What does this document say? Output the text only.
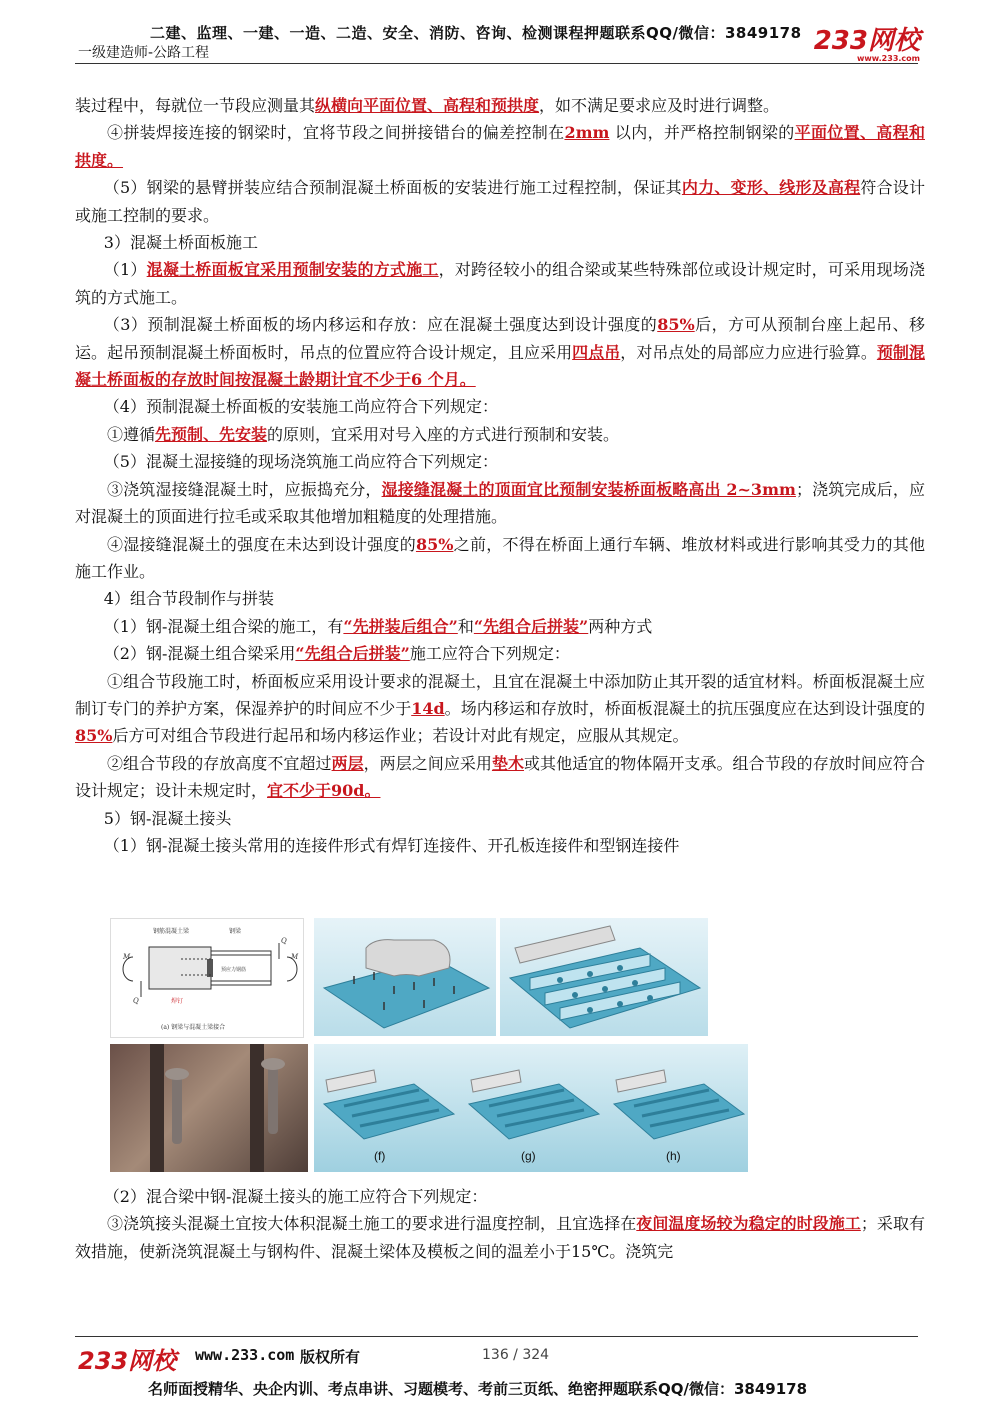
二建、监理、一建、一造、二造、安全、消防、咨询、检测课程押题联系QQ/微信：3849178
一级建造师-公路工程	233网校
www.233.com

装过程中，每就位一节段应测量其纵横向平面位置、高程和预拱度，如不满足要求应及时进行调整。

④拼装焊接连接的钢梁时，宜将节段之间拼接错台的偏差控制在2mm 以内，并严格控制钢梁的平面位置、高程和拱度。

（5）钢梁的悬臂拼装应结合预制混凝土桥面板的安装进行施工过程控制，保证其内力、变形、线形及高程符合设计或施工控制的要求。

3）混凝土桥面板施工

（1）混凝土桥面板宜采用预制安装的方式施工，对跨径较小的组合梁或某些特殊部位或设计规定时，可采用现场浇筑的方式施工。

（3）预制混凝土桥面板的场内移运和存放：应在混凝土强度达到设计强度的85%后，方可从预制台座上起吊、移运。起吊预制混凝土桥面板时，吊点的位置应符合设计规定，且应采用四点吊，对吊点处的局部应力应进行验算。预制混凝土桥面板的存放时间按混凝土龄期计宜不少于6 个月。

（4）预制混凝土桥面板的安装施工尚应符合下列规定：

①遵循先预制、先安装的原则，宜采用对号入座的方式进行预制和安装。

（5）混凝土湿接缝的现场浇筑施工尚应符合下列规定：

③浇筑湿接缝混凝土时，应振捣充分，湿接缝混凝土的顶面宜比预制安装桥面板略高出 2~3mm；浇筑完成后，应对混凝土的顶面进行拉毛或采取其他增加粗糙度的处理措施。

④湿接缝混凝土的强度在未达到设计强度的85%之前，不得在桥面上通行车辆、堆放材料或进行影响其受力的其他施工作业。

4）组合节段制作与拼装

（1）钢-混凝土组合梁的施工，有“先拼装后组合”和“先组合后拼装”两种方式

（2）钢-混凝土组合梁采用“先组合后拼装”施工应符合下列规定：

①组合节段施工时，桥面板应采用设计要求的混凝土，且宜在混凝土中添加防止其开裂的适宜材料。桥面板混凝土应制订专门的养护方案，保湿养护的时间应不少于14d。场内移运和存放时，桥面板混凝土的抗压强度应在达到设计强度的85%后方可对组合节段进行起吊和场内移运作业；若设计对此有规定，应服从其规定。

②组合节段的存放高度不宜超过两层，两层之间应采用垫木或其他适宜的物体隔开支承。组合节段的存放时间应符合设计规定；设计未规定时，宜不少于90d。

5）钢-混凝土接头

（1）钢-混凝土接头常用的连接件形式有焊钉连接件、开孔板连接件和型钢连接件

钢筋混凝土梁	钢梁
预应力钢筋
焊钉
M	M
Q
Q
(a) 钢梁与混凝土梁接合
(f)	(g)	(h)

（2）混合梁中钢-混凝土接头的施工应符合下列规定：

③浇筑接头混凝土宜按大体积混凝土施工的要求进行温度控制，且宜选择在夜间温度场较为稳定的时段施工；采取有效措施，使新浇筑混凝土与钢构件、混凝土梁体及模板之间的温差小于15℃。浇筑完

233网校 www.233.com 版权所有	136 / 324
名师面授精华、央企内训、考点串讲、习题模考、考前三页纸、绝密押题联系QQ/微信：3849178
